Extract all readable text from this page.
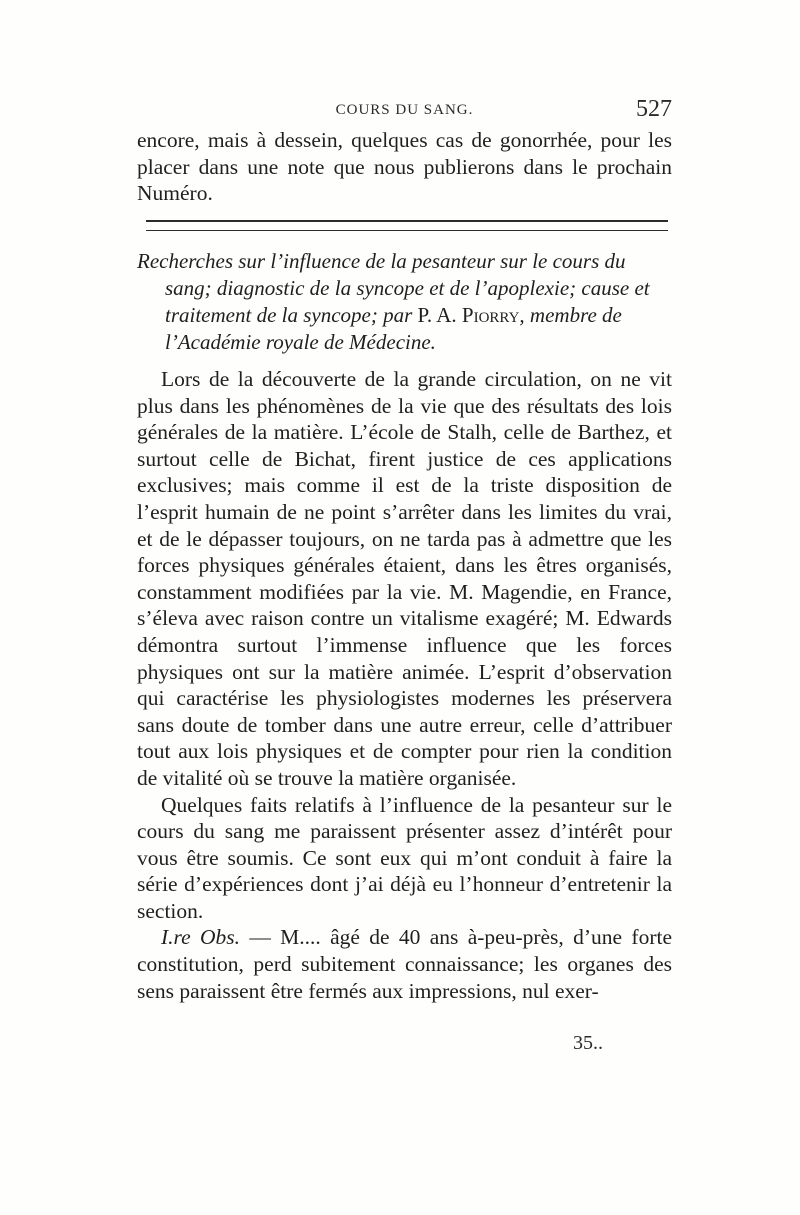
COURS DU SANG.	527
encore, mais à dessein, quelques cas de gonorrhée, pour les placer dans une note que nous publierons dans le prochain Numéro.
Recherches sur l’influence de la pesanteur sur le cours du sang; diagnostic de la syncope et de l’apoplexie; cause et traitement de la syncope; par P. A. Piorry, membre de l’Académie royale de Médecine.

Lors de la découverte de la grande circulation, on ne vit plus dans les phénomènes de la vie que des résultats des lois générales de la matière. L’école de Stalh, celle de Barthez, et surtout celle de Bichat, firent justice de ces applications exclusives; mais comme il est de la triste disposition de l’esprit humain de ne point s’arrêter dans les limites du vrai, et de le dépasser toujours, on ne tarda pas à admettre que les forces physiques générales étaient, dans les êtres organisés, constamment modifiées par la vie. M. Magendie, en France, s’éleva avec raison contre un vitalisme exagéré; M. Edwards démontra surtout l’immense influence que les forces physiques ont sur la matière animée. L’esprit d’observation qui caractérise les physiologistes modernes les préservera sans doute de tomber dans une autre erreur, celle d’attribuer tout aux lois physiques et de compter pour rien la condition de vitalité où se trouve la matière organisée.

Quelques faits relatifs à l’influence de la pesanteur sur le cours du sang me paraissent présenter assez d’intérêt pour vous être soumis. Ce sont eux qui m’ont conduit à faire la série d’expériences dont j’ai déjà eu l’honneur d’entretenir la section.

I.re Obs. — M.... âgé de 40 ans à-peu-près, d’une forte constitution, perd subitement connaissance; les organes des sens paraissent être fermés aux impressions, nul exer-

35..
